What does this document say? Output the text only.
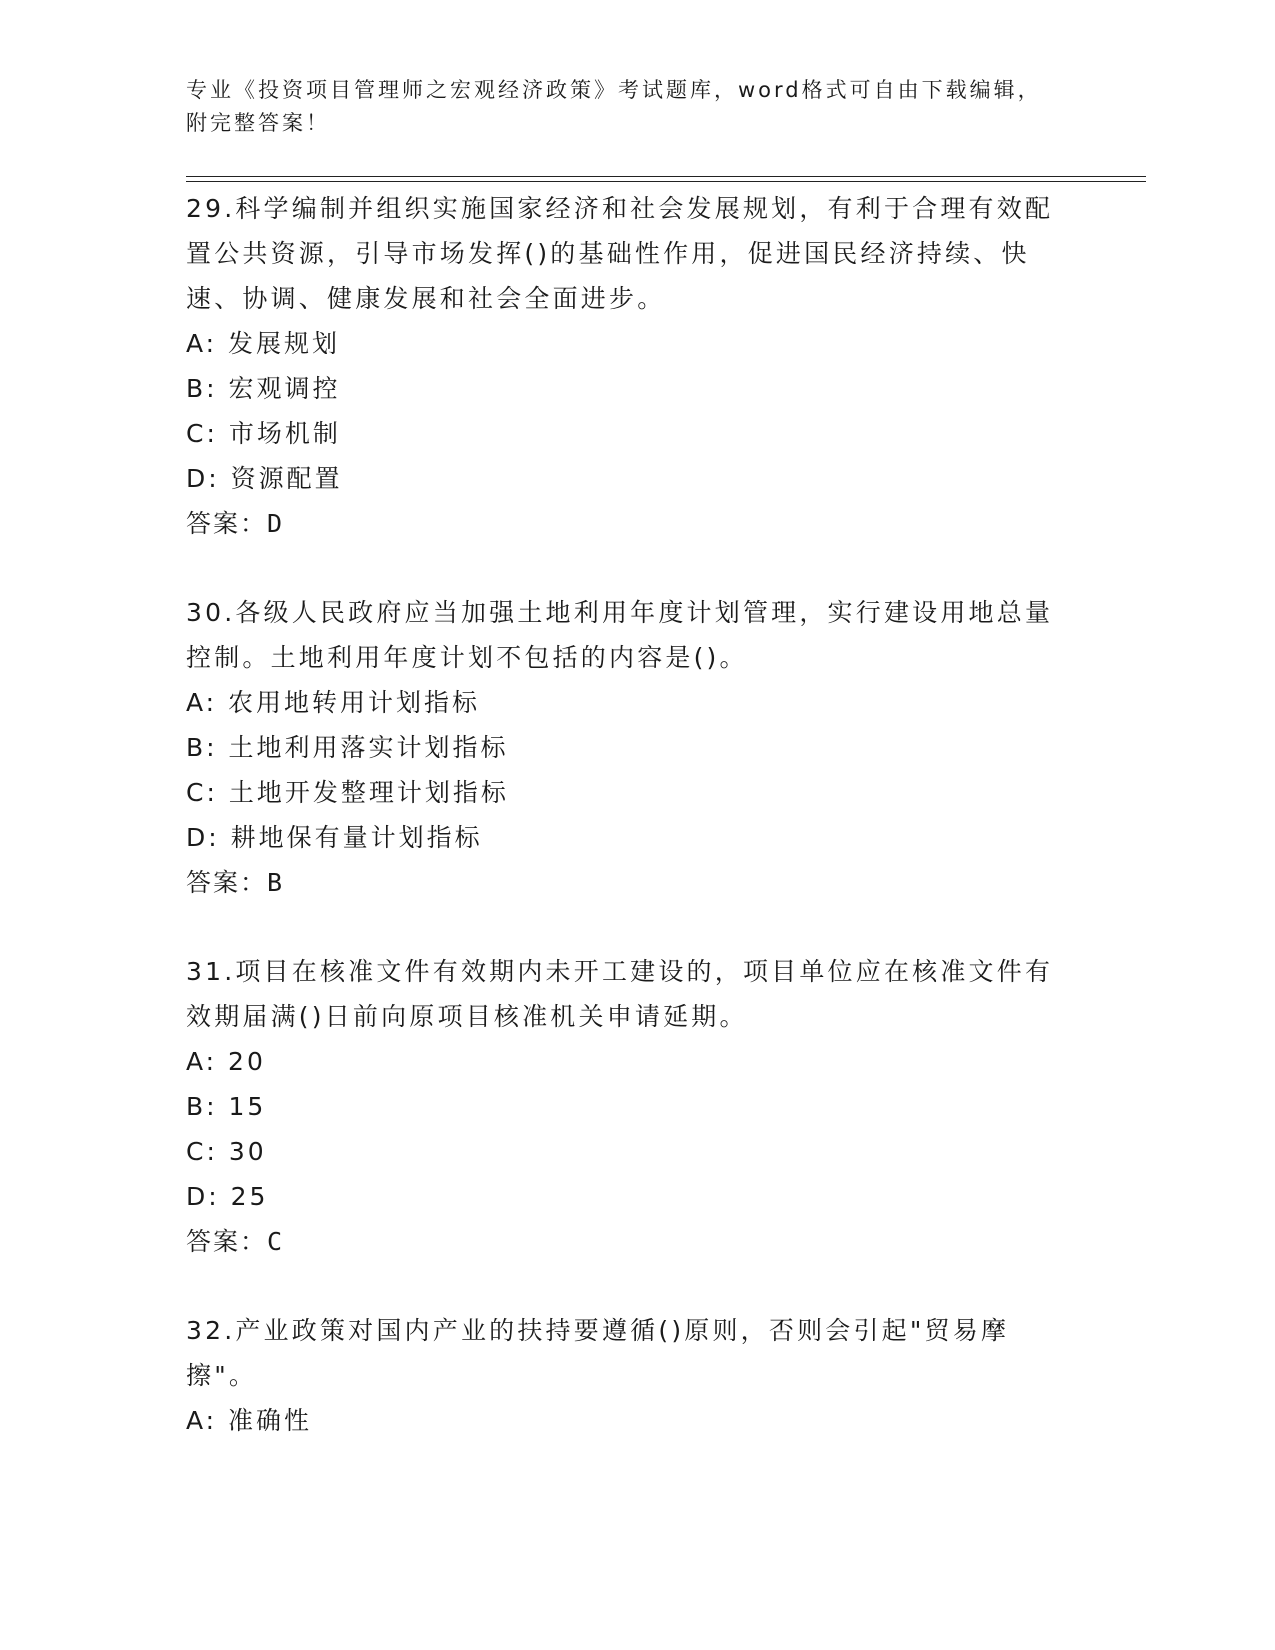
专业《投资项目管理师之宏观经济政策》考试题库，word格式可自由下载编辑，
附完整答案！
29.科学编制并组织实施国家经济和社会发展规划，有利于合理有效配置公共资源，引导市场发挥()的基础性作用，促进国民经济持续、快速、协调、健康发展和社会全面进步。
A: 发展规划
B: 宏观调控
C: 市场机制
D: 资源配置
答案：D
30.各级人民政府应当加强土地利用年度计划管理，实行建设用地总量控制。土地利用年度计划不包括的内容是()。
A: 农用地转用计划指标
B: 土地利用落实计划指标
C: 土地开发整理计划指标
D: 耕地保有量计划指标
答案：B
31.项目在核准文件有效期内未开工建设的，项目单位应在核准文件有效期届满()日前向原项目核准机关申请延期。
A: 20
B: 15
C: 30
D: 25
答案：C
32.产业政策对国内产业的扶持要遵循()原则，否则会引起"贸易摩擦"。
A: 准确性
